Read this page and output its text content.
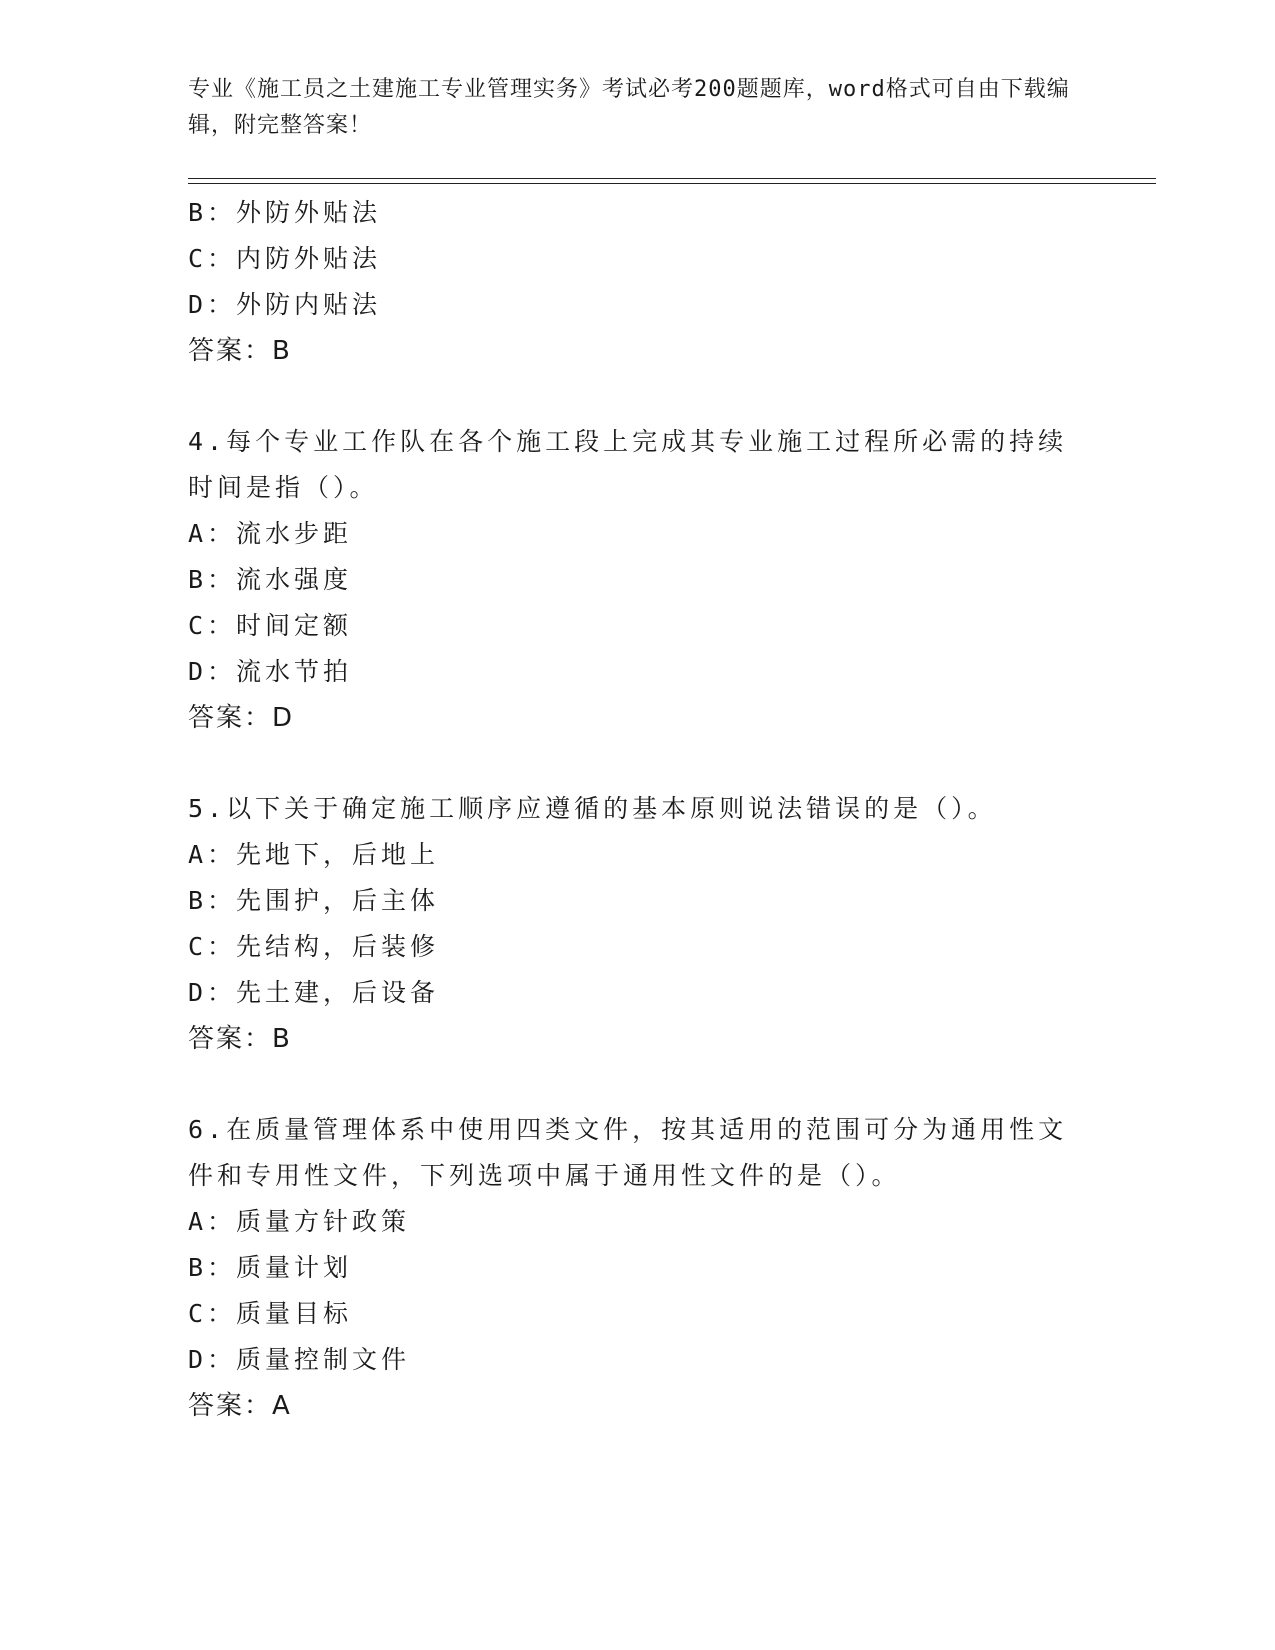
专业《施工员之土建施工专业管理实务》考试必考200题题库，word格式可自由下载编辑，附完整答案！
B：外防外贴法
C：内防外贴法
D：外防内贴法
答案：B
4.每个专业工作队在各个施工段上完成其专业施工过程所必需的持续时间是指（）。
A：流水步距
B：流水强度
C：时间定额
D：流水节拍
答案：D
5.以下关于确定施工顺序应遵循的基本原则说法错误的是（）。
A：先地下，后地上
B：先围护，后主体
C：先结构，后装修
D：先土建，后设备
答案：B
6.在质量管理体系中使用四类文件，按其适用的范围可分为通用性文件和专用性文件，下列选项中属于通用性文件的是（）。
A：质量方针政策
B：质量计划
C：质量目标
D：质量控制文件
答案：A
